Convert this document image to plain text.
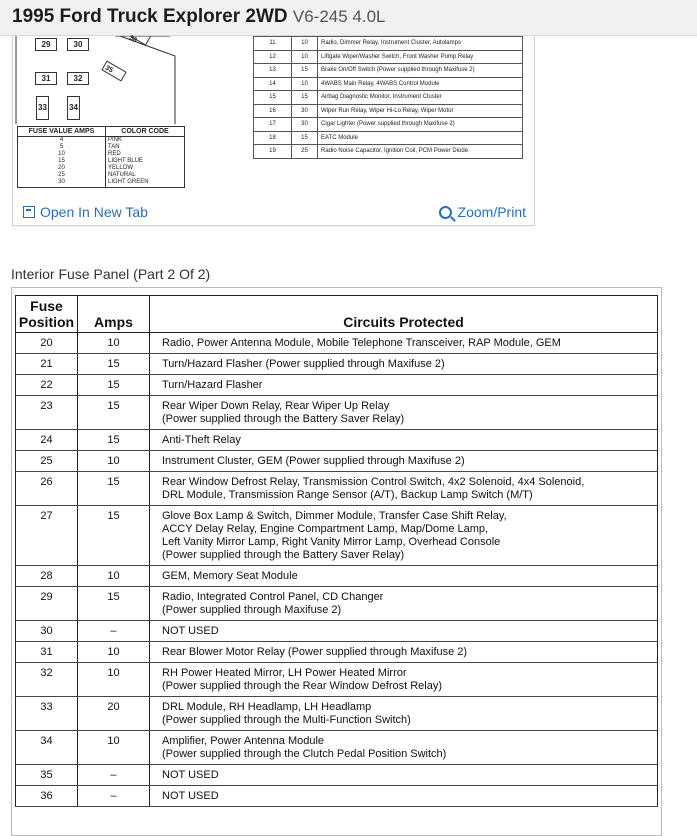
1995 Ford Truck Explorer 2WD V6-245 4.0L
29	30
31	32
33	34
35
36
FUSE VALUE AMPS	COLOR CODE
4	PINK
5	TAN
10	RED
15	LIGHT BLUE
20	YELLOW
25	NATURAL
30	LIGHT GREEN
11	10	Radio, Dimmer Relay, Instrument Cluster, Autolamps
12	10	Liftgate Wiper/Washer Switch, Front Washer Pump Relay
13	15	Brake On/Off Switch (Power supplied through Maxifuse 2)
14	10	4WABS Main Relay, 4WABS Control Module
15	15	Airbag Diagnostic Monitor, Instrument Cluster
16	30	Wiper Run Relay, Wiper Hi-Lo Relay, Wiper Motor
17	30	Cigar Lighter (Power supplied through Maxifuse 2)
18	15	EATC Module
19	25	Radio Noise Capacitor, Ignition Coil, PCM Power Diode
Open In New Tab	Zoom/Print
Interior Fuse Panel (Part 2 Of 2)
Fuse
Position	Amps	Circuits Protected
20	10	Radio, Power Antenna Module, Mobile Telephone Transceiver, RAP Module, GEM

21	15	Turn/Hazard Flasher (Power supplied through Maxifuse 2)

22	15	Turn/Hazard Flasher

23	15	Rear Wiper Down Relay, Rear Wiper Up Relay
(Power supplied through the Battery Saver Relay)

24	15	Anti-Theft Relay

25	10	Instrument Cluster, GEM (Power supplied through Maxifuse 2)

26	15	Rear Window Defrost Relay, Transmission Control Switch, 4x2 Solenoid, 4x4 Solenoid,
DRL Module, Transmission Range Sensor (A/T), Backup Lamp Switch (M/T)

27	15	Glove Box Lamp & Switch, Dimmer Module, Transfer Case Shift Relay,
ACCY Delay Relay, Engine Compartment Lamp, Map/Dome Lamp,
Left Vanity Mirror Lamp, Right Vanity Mirror Lamp, Overhead Console
(Power supplied through the Battery Saver Relay)

28	10	GEM, Memory Seat Module

29	15	Radio, Integrated Control Panel, CD Changer
(Power supplied through Maxifuse 2)

30	–	NOT USED

31	10	Rear Blower Motor Relay (Power supplied through Maxifuse 2)

32	10	RH Power Heated Mirror, LH Power Heated Mirror
(Power supplied through the Rear Window Defrost Relay)

33	20	DRL Module, RH Headlamp, LH Headlamp
(Power supplied through the Multi-Function Switch)

34	10	Amplifier, Power Antenna Module
(Power supplied through the Clutch Pedal Position Switch)

35	–	NOT USED

36	–	NOT USED
